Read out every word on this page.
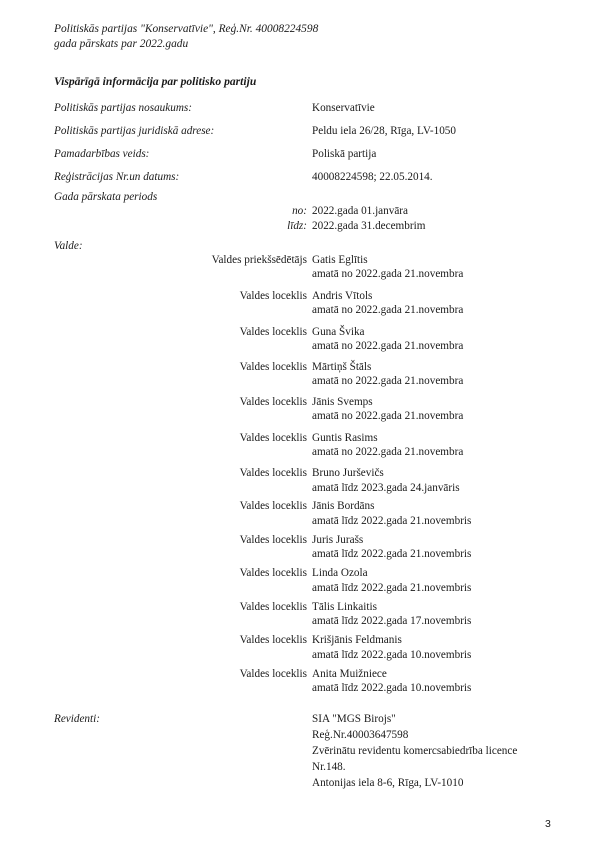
Politiskās partijas "Konservatīvie", Reģ.Nr. 40008224598
gada pārskats par 2022.gadu
Vispārīgā informācija par politisko partiju
Politiskās partijas nosaukums:	Konservatīvie
Politiskās partijas juridiskā adrese:	Peldu iela 26/28, Rīga, LV-1050
Pamadarbības veids:	Poliskā partija
Reģistrācijas Nr.un datums:	40008224598; 22.05.2014.
Gada pārskata periods
no: 2022.gada 01.janvāra
līdz: 2022.gada 31.decembrim
Valde:
Valdes priekšsēdētājs Gatis Eglītis
amatā no 2022.gada 21.novembra
Valdes loceklis Andris Vītols
amatā no 2022.gada 21.novembra
Valdes loceklis Guna Švika
amatā no 2022.gada 21.novembra
Valdes loceklis Mārtiņš Štāls
amatā no 2022.gada 21.novembra
Valdes loceklis Jānis Svemps
amatā no 2022.gada 21.novembra
Valdes loceklis Guntis Rasims
amatā no 2022.gada 21.novembra
Valdes loceklis Bruno Jurševičs
amatā līdz 2023.gada 24.janvāris
Valdes loceklis Jānis Bordāns
amatā līdz 2022.gada 21.novembris
Valdes loceklis Juris Jurašs
amatā līdz 2022.gada 21.novembris
Valdes loceklis Linda Ozola
amatā līdz 2022.gada 21.novembris
Valdes loceklis Tālis Linkaitis
amatā līdz 2022.gada 17.novembris
Valdes loceklis Krišjānis Feldmanis
amatā līdz 2022.gada 10.novembris
Valdes loceklis Anita Muižniece
amatā līdz 2022.gada 10.novembris
Revidenti:	SIA "MGS Birojs"
Reģ.Nr.40003647598
Zvērinātu revidentu komercsabiedrība licence
Nr.148.
Antonijas iela 8-6, Rīga, LV-1010
3
